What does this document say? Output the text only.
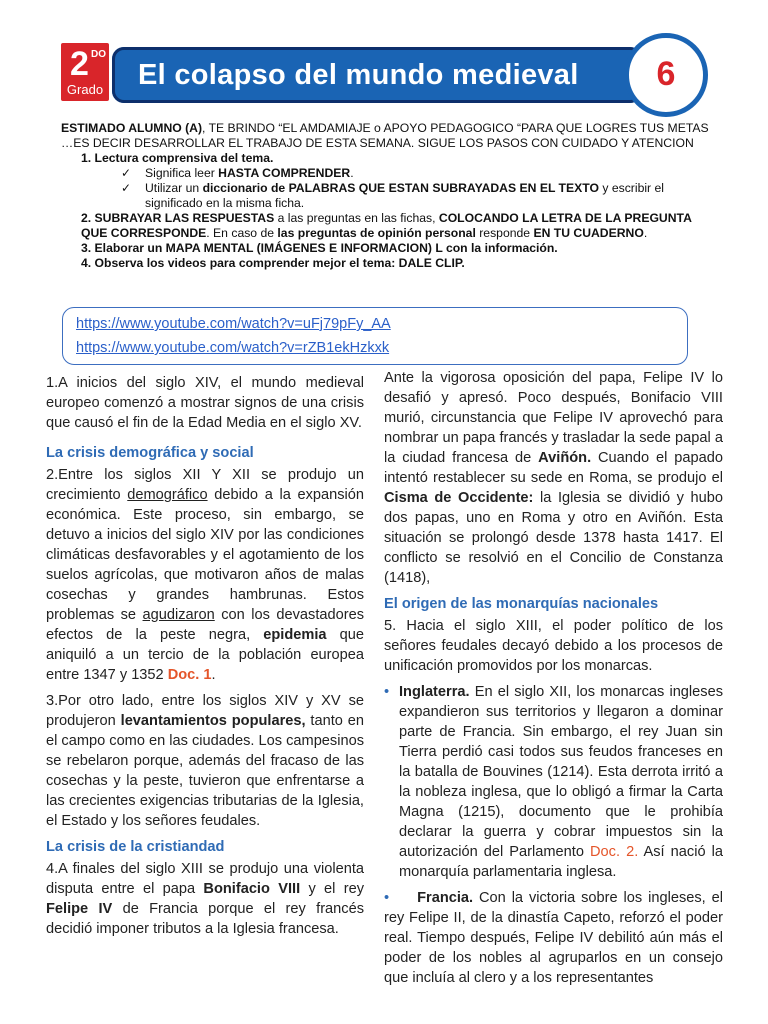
2 DO
Grado El colapso del mundo medieval	6

ESTIMADO ALUMNO (A), TE BRINDO “EL AMDAMIAJE o APOYO PEDAGOGICO “PARA QUE LOGRES TUS METAS …ES DECIR DESARROLLAR EL TRABAJO DE ESTA SEMANA. SIGUE LOS PASOS CON CUIDADO Y ATENCION

1. Lectura comprensiva del tema.
✓ Significa leer HASTA COMPRENDER.
✓ Utilizar un diccionario de PALABRAS QUE ESTAN SUBRAYADAS EN EL TEXTO y escribir el significado en la misma ficha.
2. SUBRAYAR LAS RESPUESTAS a las preguntas en las fichas, COLOCANDO LA LETRA DE LA PREGUNTA QUE CORRESPONDE. En caso de las preguntas de opinión personal responde EN TU CUADERNO.
3. Elaborar un MAPA MENTAL (IMÁGENES E INFORMACION) L con la información.
4. Observa los videos para comprender mejor el tema: DALE CLIP.
https://www.youtube.com/watch?v=uFj79pFy_AA
https://www.youtube.com/watch?v=rZB1ekHzkxk

1.A inicios del siglo XIV, el mundo medieval europeo comenzó a mostrar signos de una crisis que causó el fin de la Edad Media en el siglo XV.

La crisis demográfica y social

2.Entre los siglos XII Y XII se produjo un crecimiento demográfico debido a la expansión económica. Este proceso, sin embargo, se detuvo a inicios del siglo XIV por las condiciones climáticas desfavorables y el agotamiento de los suelos agrícolas, que motivaron años de malas cosechas y grandes hambrunas. Estos problemas se agudizaron con los devastadores efectos de la peste negra, epidemia que aniquiló a un tercio de la población europea entre 1347 y 1352 Doc. 1.

3.Por otro lado, entre los siglos XIV y XV se produjeron levantamientos populares, tanto en el campo como en las ciudades. Los campesinos se rebelaron porque, además del fracaso de las cosechas y la peste, tuvieron que enfrentarse a las crecientes exigencias tributarias de la Iglesia, el Estado y los señores feudales.

La crisis de la cristiandad

4.A finales del siglo XIII se produjo una violenta disputa entre el papa Bonifacio VIII y el rey Felipe IV de Francia porque el rey francés decidió imponer tributos a la Iglesia francesa.

Ante la vigorosa oposición del papa, Felipe IV lo desafió y apresó. Poco después, Bonifacio VIII murió, circunstancia que Felipe IV aprovechó para nombrar un papa francés y trasladar la sede papal a la ciudad francesa de Aviñón. Cuando el papado intentó restablecer su sede en Roma, se produjo el Cisma de Occidente: la Iglesia se dividió y hubo dos papas, uno en Roma y otro en Aviñón. Esta situación se prolongó desde 1378 hasta 1417. El conflicto se resolvió en el Concilio de Constanza (1418),

El origen de las monarquías nacionales

5. Hacia el siglo XIII, el poder político de los señores feudales decayó debido a los procesos de unificación promovidos por los monarcas.

• Inglaterra. En el siglo XII, los monarcas ingleses expandieron sus territorios y llegaron a dominar parte de Francia. Sin embargo, el rey Juan sin Tierra perdió casi todos sus feudos franceses en la batalla de Bouvines (1214). Esta derrota irritó a la nobleza inglesa, que lo obligó a firmar la Carta Magna (1215), documento que le prohibía declarar la guerra y cobrar impuestos sin la autorización del Parlamento Doc. 2. Así nació la monarquía parlamentaria inglesa.

• Francia. Con la victoria sobre los ingleses, el rey Felipe II, de la dinastía Capeto, reforzó el poder real. Tiempo después, Felipe IV debilitó aún más el poder de los nobles al agruparlos en un consejo que incluía al clero y a los representantes
